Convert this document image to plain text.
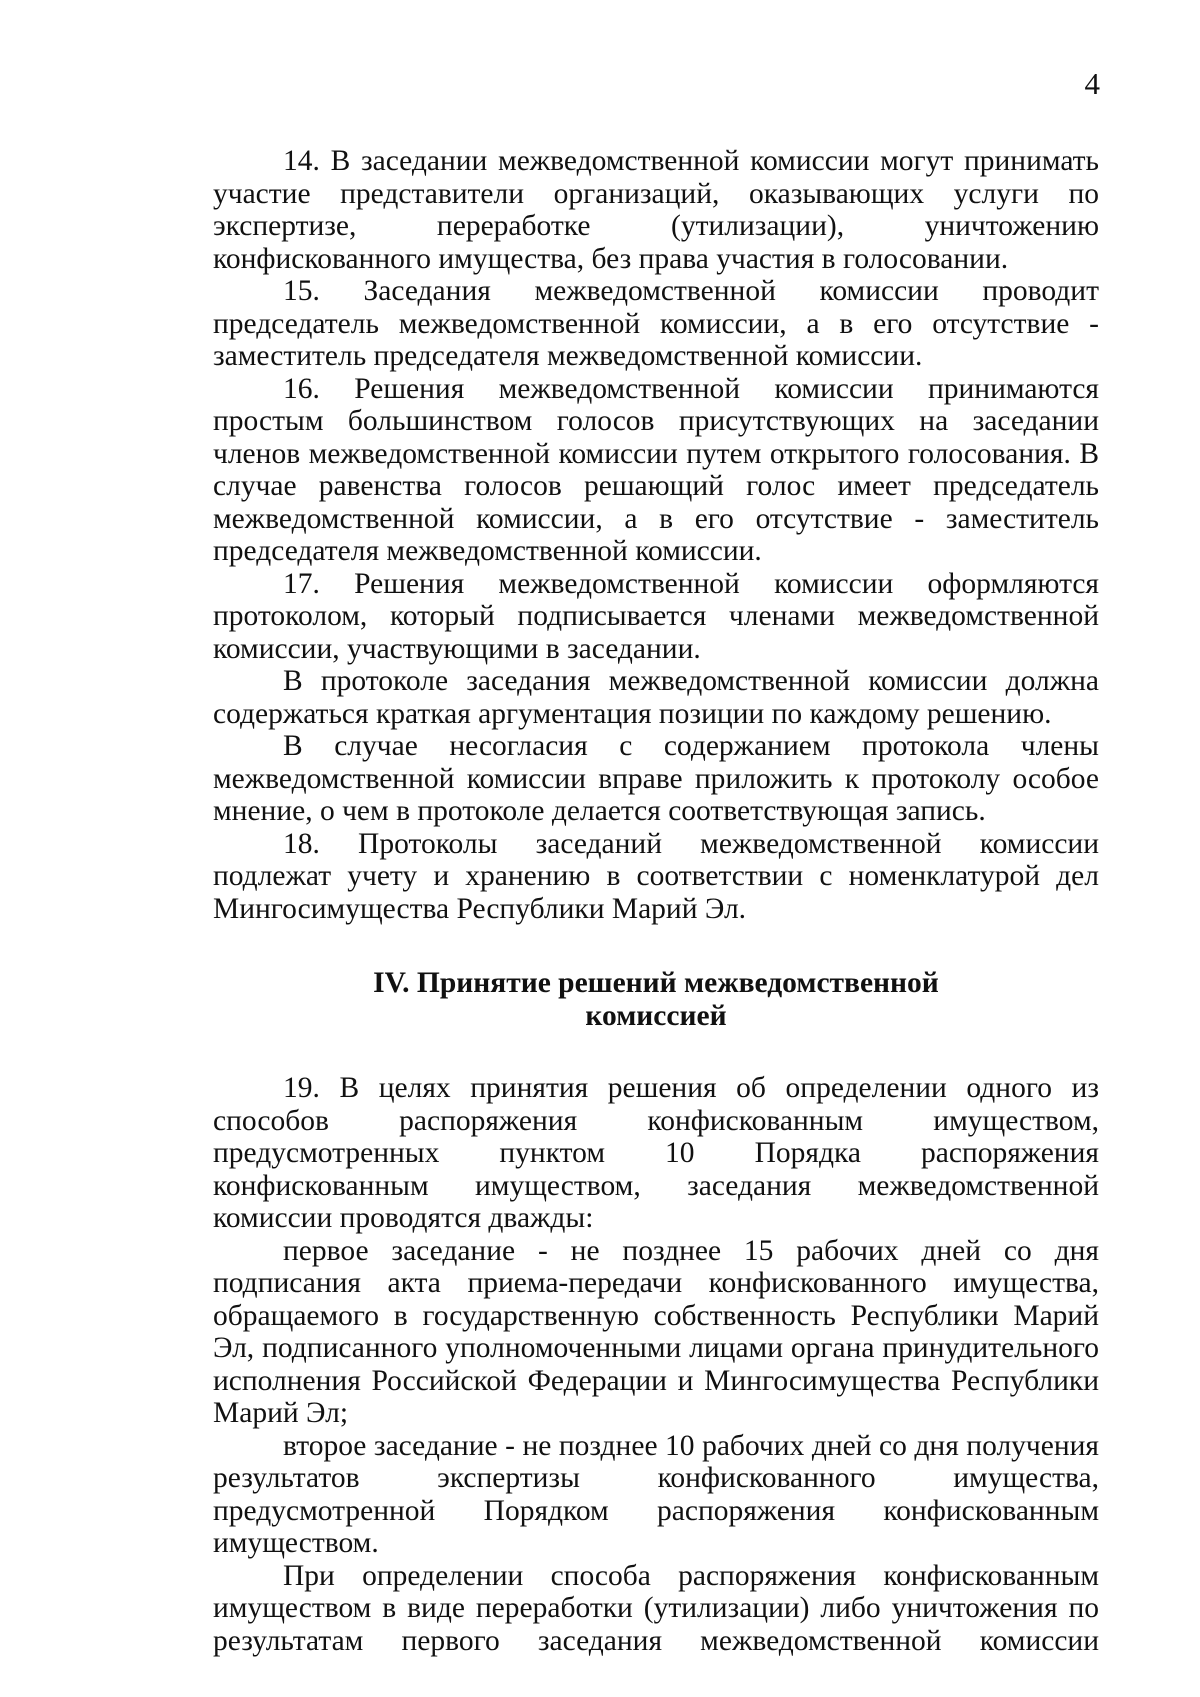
4

14. В заседании межведомственной комиссии могут принимать участие представители организаций, оказывающих услуги по экспертизе, переработке (утилизации), уничтожению конфискованного имущества, без права участия в голосовании.

15. Заседания межведомственной комиссии проводит председатель межведомственной комиссии, а в его отсутствие - заместитель председателя межведомственной комиссии.

16. Решения межведомственной комиссии принимаются простым большинством голосов присутствующих на заседании членов межведомственной комиссии путем открытого голосования. В случае равенства голосов решающий голос имеет председатель межведомственной комиссии, а в его отсутствие - заместитель председателя межведомственной комиссии.

17. Решения межведомственной комиссии оформляются протоколом, который подписывается членами межведомственной комиссии, участвующими в заседании.

В протоколе заседания межведомственной комиссии должна содержаться краткая аргументация позиции по каждому решению.

В случае несогласия с содержанием протокола члены межведомственной комиссии вправе приложить к протоколу особое мнение, о чем в протоколе делается соответствующая запись.

18. Протоколы заседаний межведомственной комиссии подлежат учету и хранению в соответствии с номенклатурой дел Мингосимущества Республики Марий Эл.

IV. Принятие решений межведомственной
комиссией

19. В целях принятия решения об определении одного из способов распоряжения конфискованным имуществом, предусмотренных пунктом 10 Порядка распоряжения конфискованным имуществом, заседания межведомственной комиссии проводятся дважды:

первое заседание - не позднее 15 рабочих дней со дня подписания акта приема-передачи конфискованного имущества, обращаемого в государственную собственность Республики Марий Эл, подписанного уполномоченными лицами органа принудительного исполнения Российской Федерации и Мингосимущества Республики Марий Эл;

второе заседание - не позднее 10 рабочих дней со дня получения результатов экспертизы конфискованного имущества, предусмотренной Порядком распоряжения конфискованным имуществом.

При определении способа распоряжения конфискованным имуществом в виде переработки (утилизации) либо уничтожения по результатам первого заседания межведомственной комиссии
